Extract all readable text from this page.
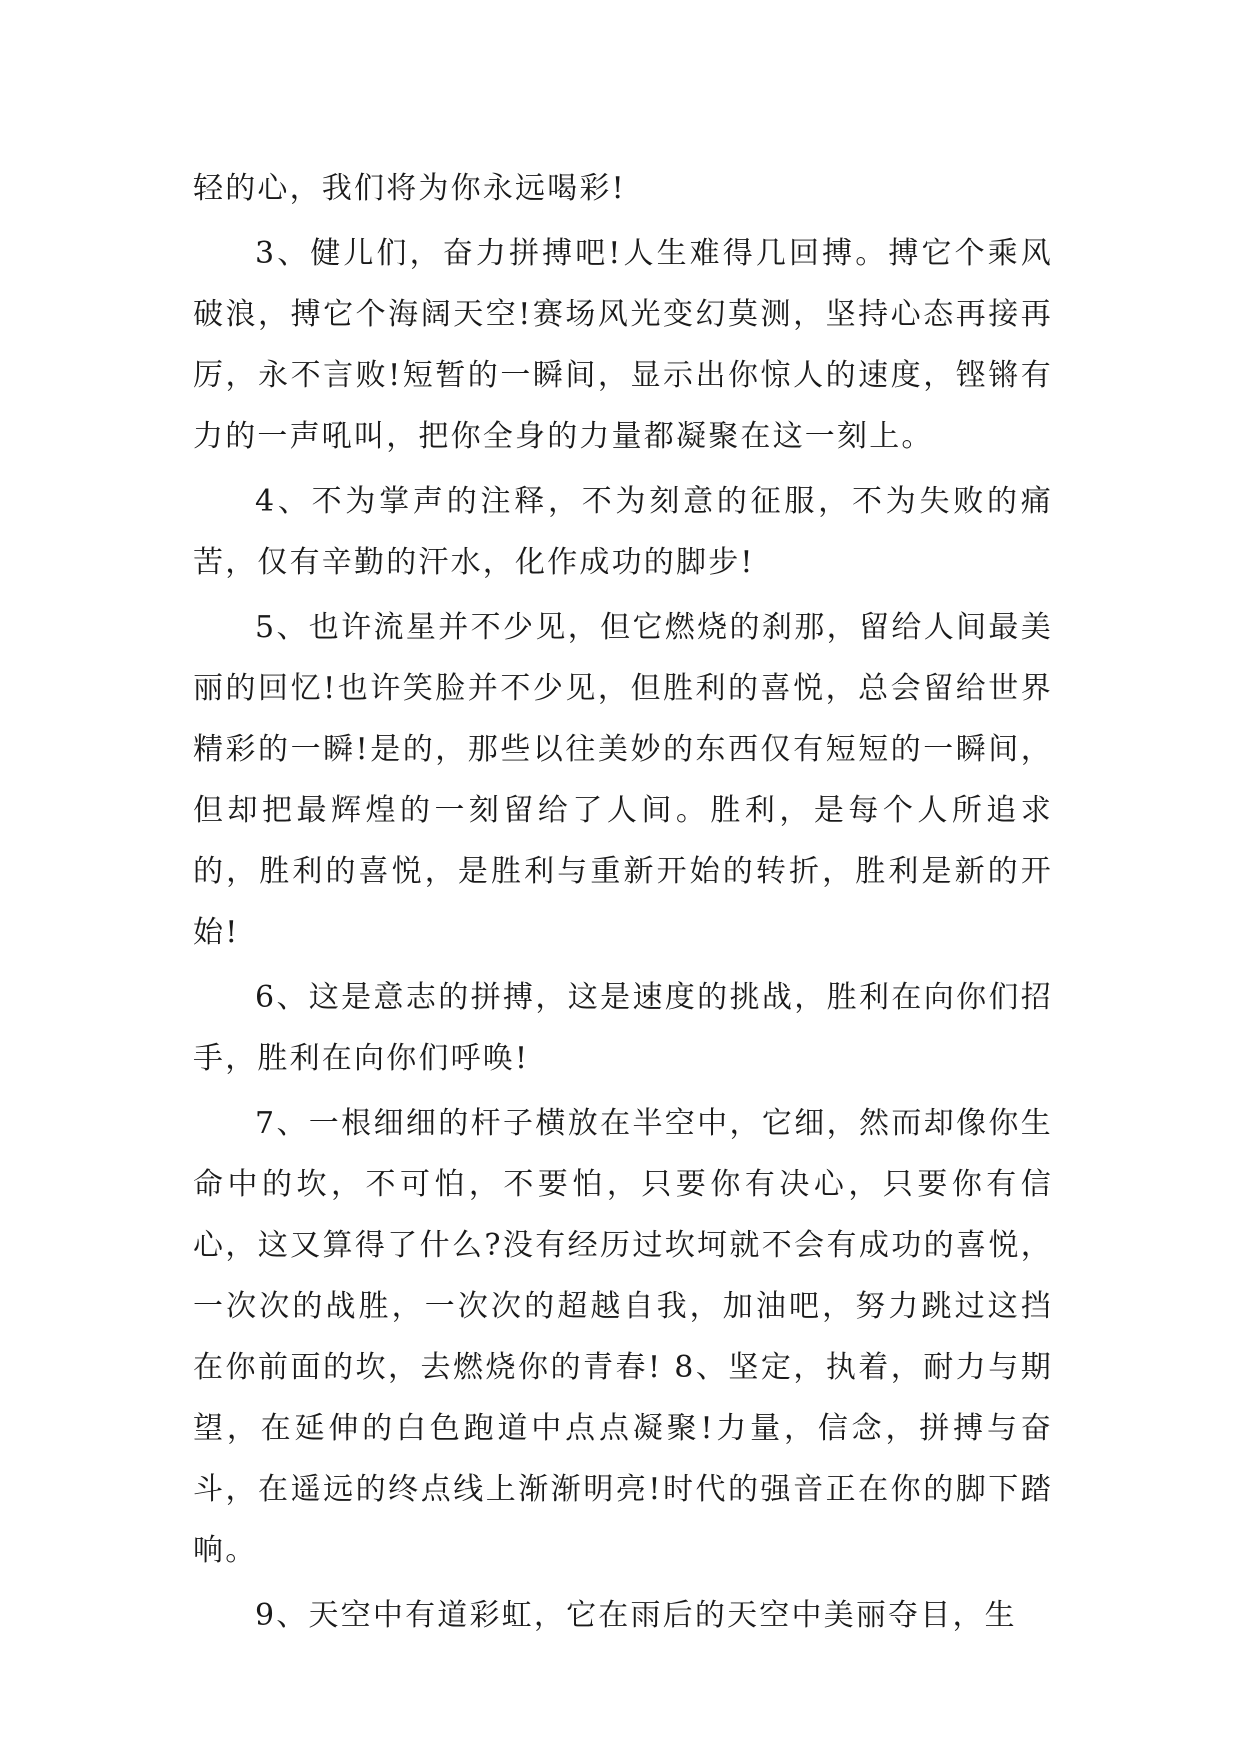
轻的心，我们将为你永远喝彩!

3、健儿们，奋力拼搏吧!人生难得几回搏。搏它个乘风破浪，搏它个海阔天空!赛场风光变幻莫测，坚持心态再接再厉，永不言败!短暂的一瞬间，显示出你惊人的速度，铿锵有力的一声吼叫，把你全身的力量都凝聚在这一刻上。

4、不为掌声的注释，不为刻意的征服，不为失败的痛苦，仅有辛勤的汗水，化作成功的脚步!

5、也许流星并不少见，但它燃烧的刹那，留给人间最美丽的回忆!也许笑脸并不少见，但胜利的喜悦，总会留给世界精彩的一瞬!是的，那些以往美妙的东西仅有短短的一瞬间，但却把最辉煌的一刻留给了人间。胜利，是每个人所追求的，胜利的喜悦，是胜利与重新开始的转折，胜利是新的开始!

6、这是意志的拼搏，这是速度的挑战，胜利在向你们招手，胜利在向你们呼唤!

7、一根细细的杆子横放在半空中，它细，然而却像你生命中的坎，不可怕，不要怕，只要你有决心，只要你有信心，这又算得了什么?没有经历过坎坷就不会有成功的喜悦，一次次的战胜，一次次的超越自我，加油吧，努力跳过这挡在你前面的坎，去燃烧你的青春! 8、坚定，执着，耐力与期望，在延伸的白色跑道中点点凝聚!力量，信念，拼搏与奋斗，在遥远的终点线上渐渐明亮!时代的强音正在你的脚下踏响。

9、天空中有道彩虹，它在雨后的天空中美丽夺目，生
